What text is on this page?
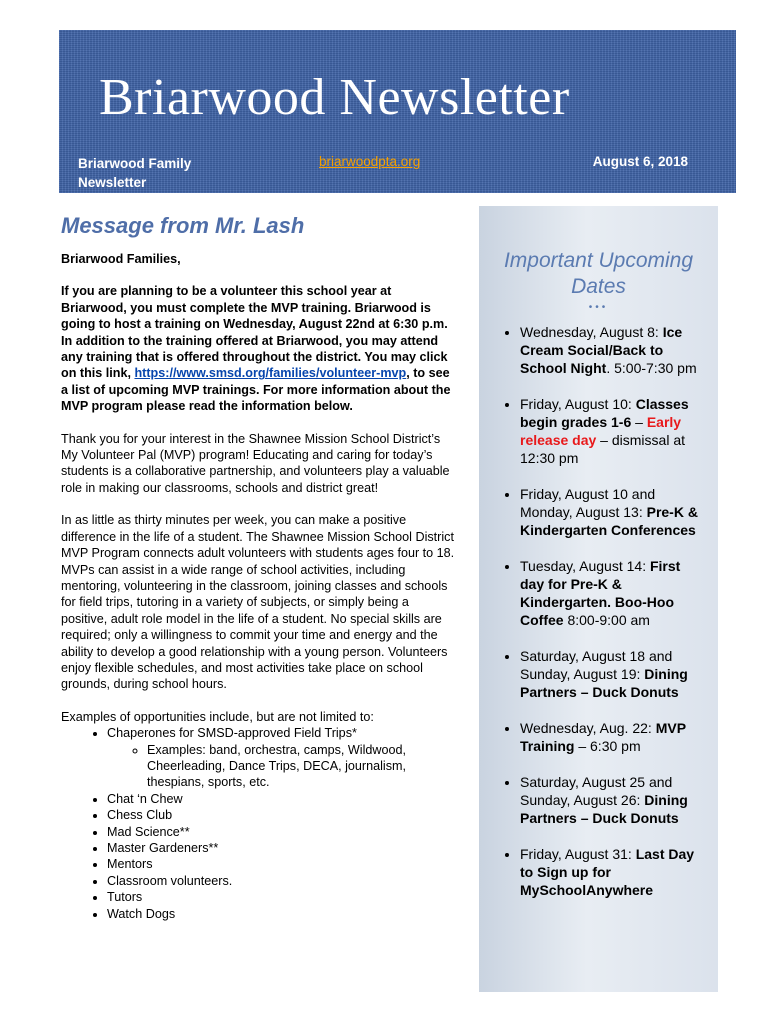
Briarwood Newsletter
Briarwood Family Newsletter
briarwoodpta.org	August 6, 2018
Message from Mr. Lash

Briarwood Families,

If you are planning to be a volunteer this school year at Briarwood, you must complete the MVP training. Briarwood is going to host a training on Wednesday, August 22nd at 6:30 p.m. In addition to the training offered at Briarwood, you may attend any training that is offered throughout the district. You may click on this link, https://www.smsd.org/families/volunteer-mvp, to see a list of upcoming MVP trainings. For more information about the MVP program please read the information below.

Thank you for your interest in the Shawnee Mission School District’s My Volunteer Pal (MVP) program! Educating and caring for today’s students is a collaborative partnership, and volunteers play a valuable role in making our classrooms, schools and district great!

In as little as thirty minutes per week, you can make a positive difference in the life of a student. The Shawnee Mission School District MVP Program connects adult volunteers with students ages four to 18. MVPs can assist in a wide range of school activities, including mentoring, volunteering in the classroom, joining classes and schools for field trips, tutoring in a variety of subjects, or simply being a positive, adult role model in the life of a student. No special skills are required; only a willingness to commit your time and energy and the ability to develop a good relationship with a young person. Volunteers enjoy flexible schedules, and most activities take place on school grounds, during school hours.

Examples of opportunities include, but are not limited to:
• Chaperones for SMSD-approved Field Trips*
◦ Examples: band, orchestra, camps, Wildwood, Cheerleading, Dance Trips, DECA, journalism, thespians, sports, etc.
• Chat ‘n Chew
• Chess Club
• Mad Science**
• Master Gardeners**
• Mentors
• Classroom volunteers.
• Tutors
• Watch Dogs
Important Upcoming Dates
•••
• Wednesday, August 8: Ice Cream Social/Back to School Night. 5:00-7:30 pm
• Friday, August 10: Classes begin grades 1-6 – Early release day – dismissal at 12:30 pm
• Friday, August 10 and Monday, August 13: Pre-K & Kindergarten Conferences
• Tuesday, August 14: First day for Pre-K & Kindergarten. Boo-Hoo Coffee 8:00-9:00 am
• Saturday, August 18 and Sunday, August 19: Dining Partners – Duck Donuts
• Wednesday, Aug. 22: MVP Training – 6:30 pm
• Saturday, August 25 and Sunday, August 26: Dining Partners – Duck Donuts
• Friday, August 31: Last Day to Sign up for MySchoolAnywhere
